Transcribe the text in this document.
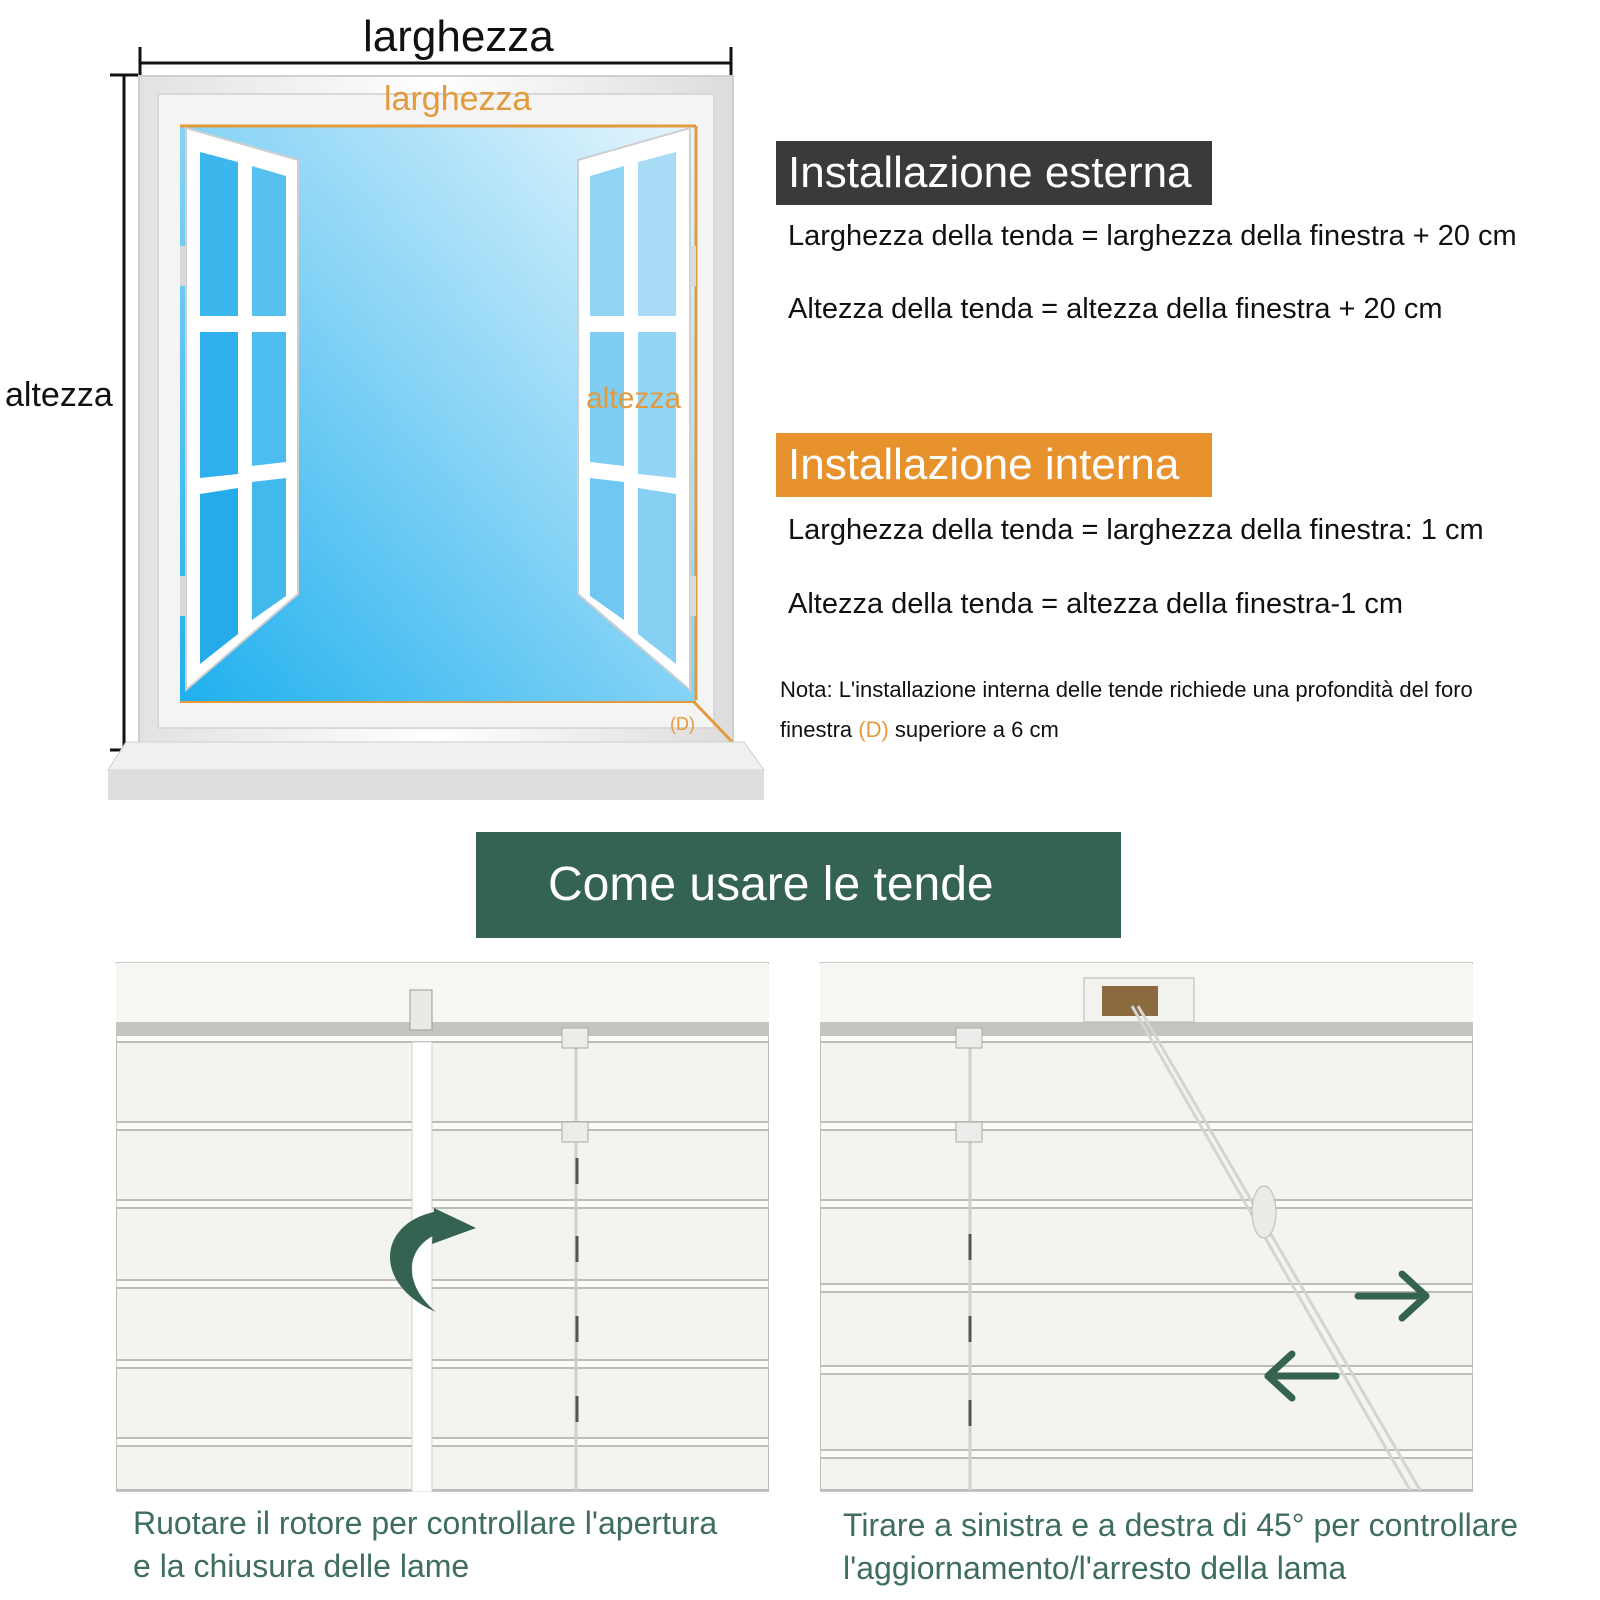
larghezza
altezza
larghezza
altezza
(D)
Installazione esterna
Larghezza della tenda = larghezza della finestra + 20 cm
Altezza della tenda = altezza della finestra + 20 cm
Installazione interna
Larghezza della tenda = larghezza della finestra: 1 cm
Altezza della tenda = altezza della finestra-1 cm
Nota: L'installazione interna delle tende richiede una profondità del foro
finestra (D) superiore a 6 cm
Come usare le tende
Ruotare il rotore per controllare l'apertura
e la chiusura delle lame
Tirare a sinistra e a destra di 45° per controllare
l'aggiornamento/l'arresto della lama
